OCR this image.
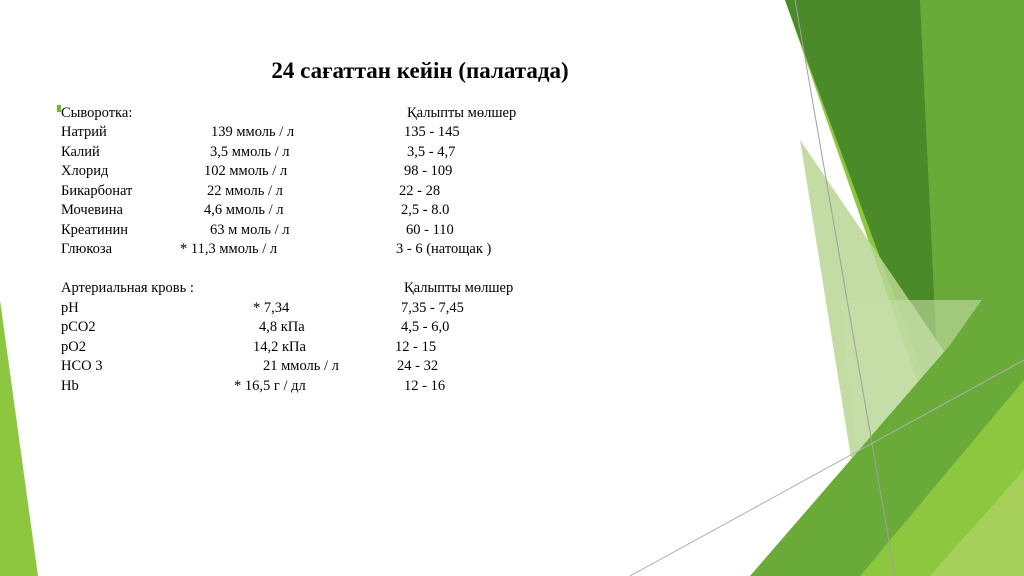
24 сағаттан кейін (палатада)
Сыворотка:	Қалыпты мөлшер
Натрий	139 ммоль / л	135 - 145
Калий	3,5 ммоль / л	3,5 - 4,7
Хлорид	102 ммоль / л	98 - 109
Бикарбонат	22 ммоль / л	22 - 28
Мочевина	4,6 ммоль / л	2,5 - 8.0
Креатинин	63 м моль / л	60 - 110
Глюкоза	* 11,3 ммоль / л	3 - 6 (натощак )
Артериальная кровь :	Қалыпты мөлшер
pH	* 7,34	7,35 - 7,45
pCO2	4,8 кПа	4,5 - 6,0
pO2	14,2 кПа	12 - 15
HCO 3	21 ммоль / л	24 - 32
Hb	* 16,5 г / дл	12 - 16
